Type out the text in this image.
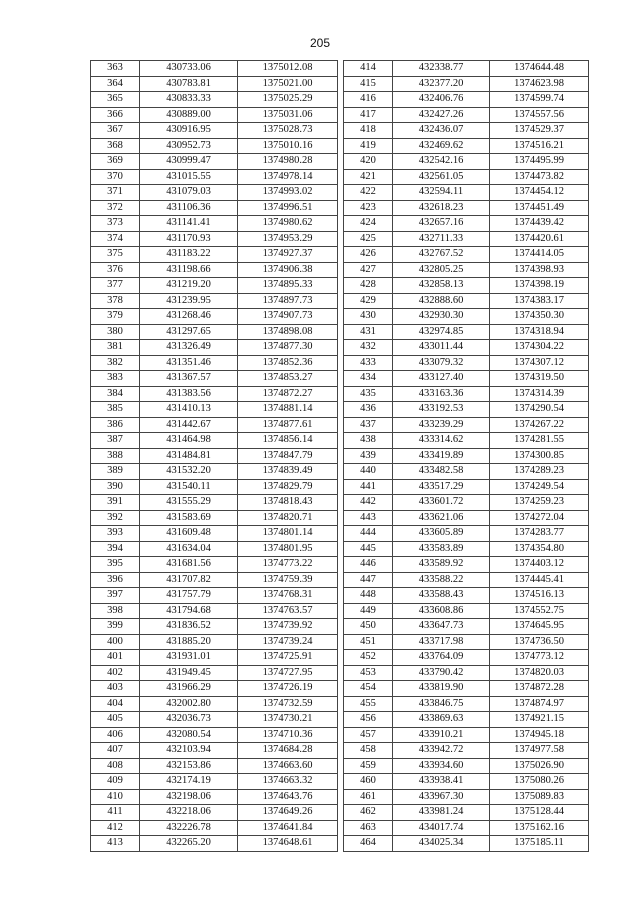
205
363	430733.06	1375012.08
364	430783.81	1375021.00
365	430833.33	1375025.29
366	430889.00	1375031.06
367	430916.95	1375028.73
368	430952.73	1375010.16
369	430999.47	1374980.28
370	431015.55	1374978.14
371	431079.03	1374993.02
372	431106.36	1374996.51
373	431141.41	1374980.62
374	431170.93	1374953.29
375	431183.22	1374927.37
376	431198.66	1374906.38
377	431219.20	1374895.33
378	431239.95	1374897.73
379	431268.46	1374907.73
380	431297.65	1374898.08
381	431326.49	1374877.30
382	431351.46	1374852.36
383	431367.57	1374853.27
384	431383.56	1374872.27
385	431410.13	1374881.14
386	431442.67	1374877.61
387	431464.98	1374856.14
388	431484.81	1374847.79
389	431532.20	1374839.49
390	431540.11	1374829.79
391	431555.29	1374818.43
392	431583.69	1374820.71
393	431609.48	1374801.14
394	431634.04	1374801.95
395	431681.56	1374773.22
396	431707.82	1374759.39
397	431757.79	1374768.31
398	431794.68	1374763.57
399	431836.52	1374739.92
400	431885.20	1374739.24
401	431931.01	1374725.91
402	431949.45	1374727.95
403	431966.29	1374726.19
404	432002.80	1374732.59
405	432036.73	1374730.21
406	432080.54	1374710.36
407	432103.94	1374684.28
408	432153.86	1374663.60
409	432174.19	1374663.32
410	432198.06	1374643.76
411	432218.06	1374649.26
412	432226.78	1374641.84
413	432265.20	1374648.61
414	432338.77	1374644.48
415	432377.20	1374623.98
416	432406.76	1374599.74
417	432427.26	1374557.56
418	432436.07	1374529.37
419	432469.62	1374516.21
420	432542.16	1374495.99
421	432561.05	1374473.82
422	432594.11	1374454.12
423	432618.23	1374451.49
424	432657.16	1374439.42
425	432711.33	1374420.61
426	432767.52	1374414.05
427	432805.25	1374398.93
428	432858.13	1374398.19
429	432888.60	1374383.17
430	432930.30	1374350.30
431	432974.85	1374318.94
432	433011.44	1374304.22
433	433079.32	1374307.12
434	433127.40	1374319.50
435	433163.36	1374314.39
436	433192.53	1374290.54
437	433239.29	1374267.22
438	433314.62	1374281.55
439	433419.89	1374300.85
440	433482.58	1374289.23
441	433517.29	1374249.54
442	433601.72	1374259.23
443	433621.06	1374272.04
444	433605.89	1374283.77
445	433583.89	1374354.80
446	433589.92	1374403.12
447	433588.22	1374445.41
448	433588.43	1374516.13
449	433608.86	1374552.75
450	433647.73	1374645.95
451	433717.98	1374736.50
452	433764.09	1374773.12
453	433790.42	1374820.03
454	433819.90	1374872.28
455	433846.75	1374874.97
456	433869.63	1374921.15
457	433910.21	1374945.18
458	433942.72	1374977.58
459	433934.60	1375026.90
460	433938.41	1375080.26
461	433967.30	1375089.83
462	433981.24	1375128.44
463	434017.74	1375162.16
464	434025.34	1375185.11
